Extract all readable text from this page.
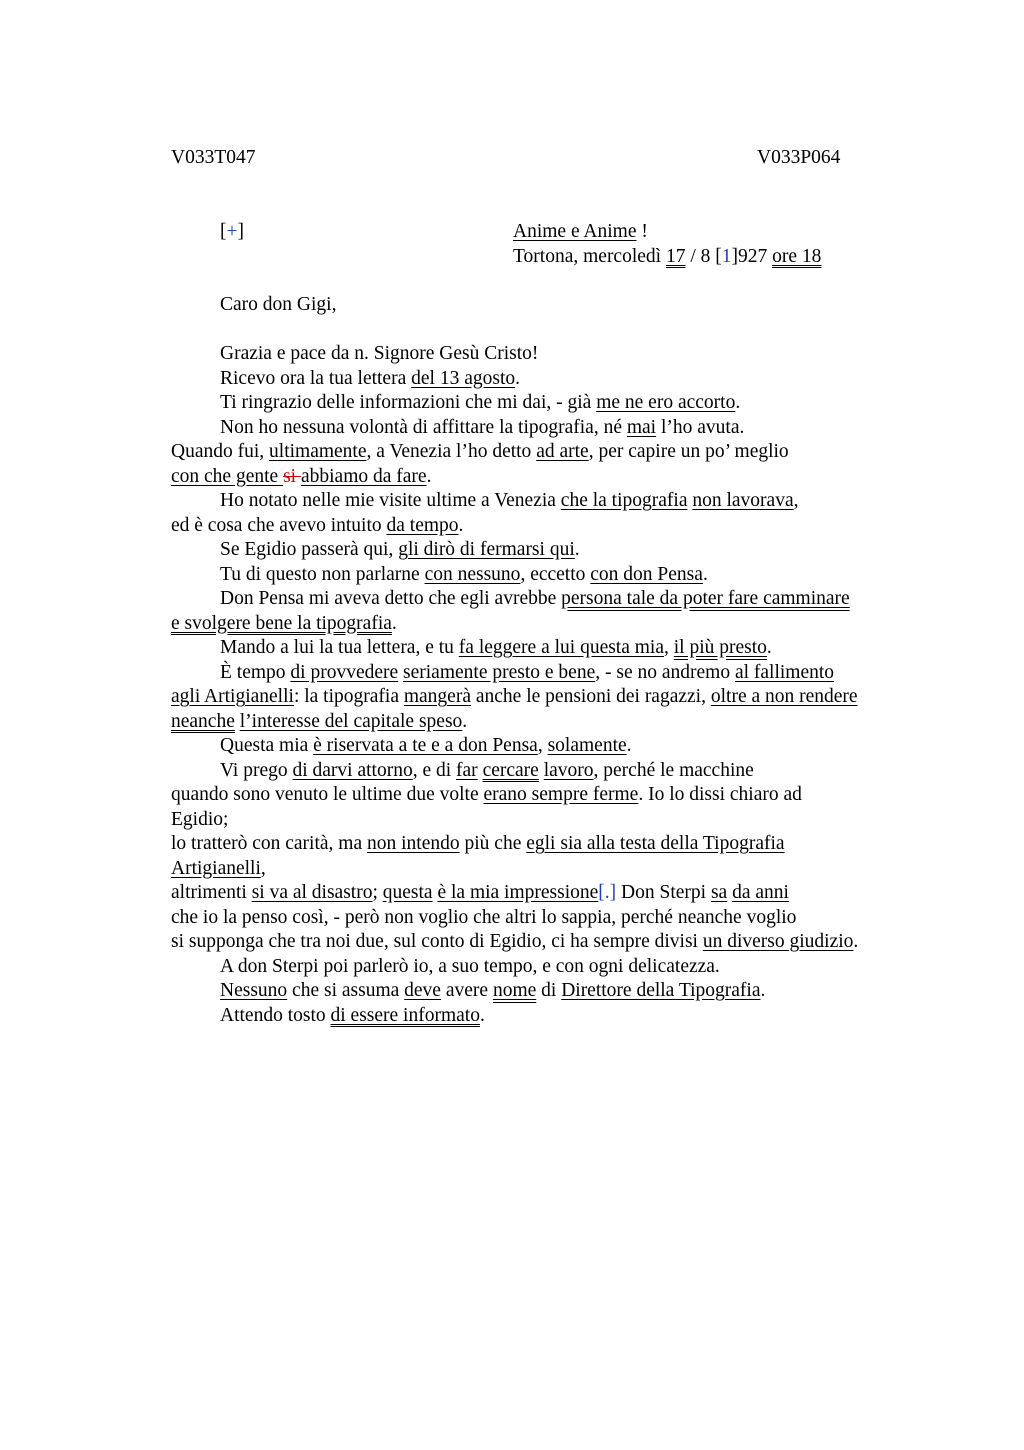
V033T047	V033P064
[+]	Anime e Anime !
Tortona, mercoledì 17 / 8 [1]927 ore 18
Caro don Gigi,
Grazia e pace da n. Signore Gesù Cristo!
Ricevo ora la tua lettera del 13 agosto.
Ti ringrazio delle informazioni che mi dai, - già me ne ero accorto.
Non ho nessuna volontà di affittare la tipografia, né mai l’ho avuta.
Quando fui, ultimamente, a Venezia l’ho detto ad arte, per capire un po’ meglio
con che gente si abbiamo da fare.
Ho notato nelle mie visite ultime a Venezia che la tipografia non lavorava,
ed è cosa che avevo intuito da tempo.
Se Egidio passerà qui, gli dirò di fermarsi qui.
Tu di questo non parlarne con nessuno, eccetto con don Pensa.
Don Pensa mi aveva detto che egli avrebbe persona tale da poter fare camminare
e svolgere bene la tipografia.
Mando a lui la tua lettera, e tu fa leggere a lui questa mia, il più presto.
È tempo di provvedere seriamente presto e bene, - se no andremo al fallimento
agli Artigianelli: la tipografia mangerà anche le pensioni dei ragazzi, oltre a non rendere
neanche l’interesse del capitale speso.
Questa mia è riservata a te e a don Pensa, solamente.
Vi prego di darvi attorno, e di far cercare lavoro, perché le macchine
quando sono venuto le ultime due volte erano sempre ferme. Io lo dissi chiaro ad
Egidio;
lo tratterò con carità, ma non intendo più che egli sia alla testa della Tipografia
Artigianelli,
altrimenti si va al disastro; questa è la mia impressione[.] Don Sterpi sa da anni
che io la penso così, - però non voglio che altri lo sappia, perché neanche voglio
si supponga che tra noi due, sul conto di Egidio, ci ha sempre divisi un diverso giudizio.
A don Sterpi poi parlerò io, a suo tempo, e con ogni delicatezza.
Nessuno che si assuma deve avere nome di Direttore della Tipografia.
Attendo tosto di essere informato.
